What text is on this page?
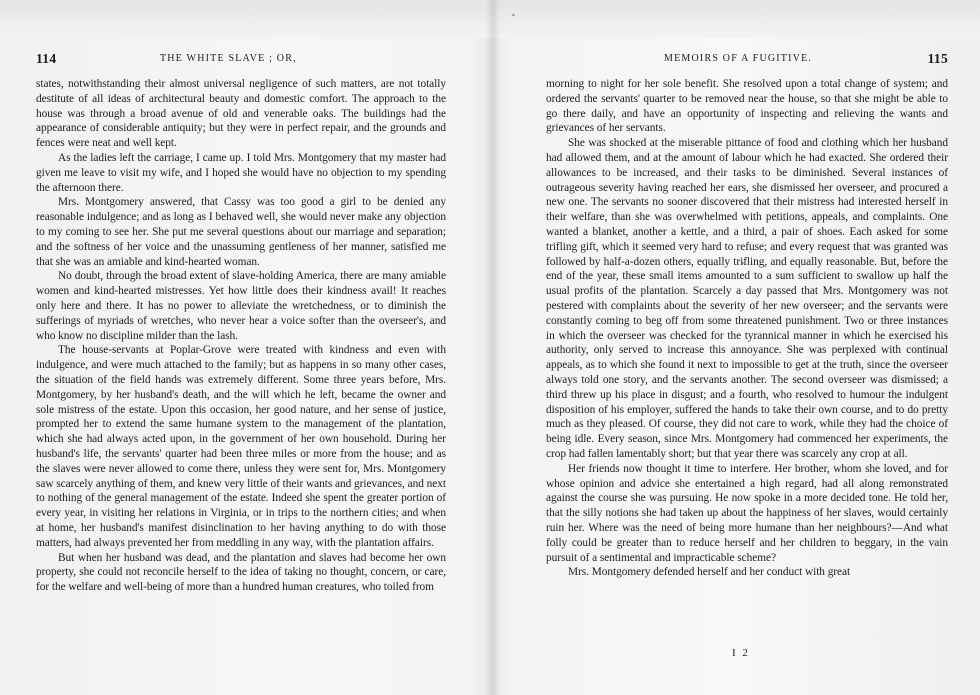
114	THE WHITE SLAVE ; OR,

states, notwithstanding their almost universal negligence of such matters, are not totally destitute of all ideas of architectural beauty and domestic comfort. The approach to the house was through a broad avenue of old and venerable oaks. The buildings had the appearance of considerable antiquity; but they were in perfect repair, and the grounds and fences were neat and well kept.

As the ladies left the carriage, I came up. I told Mrs. Montgomery that my master had given me leave to visit my wife, and I hoped she would have no objection to my spending the afternoon there.

Mrs. Montgomery answered, that Cassy was too good a girl to be denied any reasonable indulgence; and as long as I behaved well, she would never make any objection to my coming to see her. She put me several questions about our marriage and separation; and the softness of her voice and the unassuming gentleness of her manner, satisfied me that she was an amiable and kind-hearted woman.

No doubt, through the broad extent of slave-holding America, there are many amiable women and kind-hearted mistresses. Yet how little does their kindness avail! It reaches only here and there. It has no power to alleviate the wretchedness, or to diminish the sufferings of myriads of wretches, who never hear a voice softer than the overseer's, and who know no discipline milder than the lash.

The house-servants at Poplar-Grove were treated with kindness and even with indulgence, and were much attached to the family; but as happens in so many other cases, the situation of the field hands was extremely different. Some three years before, Mrs. Montgomery, by her husband's death, and the will which he left, became the owner and sole mistress of the estate. Upon this occasion, her good nature, and her sense of justice, prompted her to extend the same humane system to the management of the plantation, which she had always acted upon, in the government of her own household. During her husband's life, the servants' quarter had been three miles or more from the house; and as the slaves were never allowed to come there, unless they were sent for, Mrs. Montgomery saw scarcely anything of them, and knew very little of their wants and grievances, and next to nothing of the general management of the estate. Indeed she spent the greater portion of every year, in visiting her relations in Virginia, or in trips to the northern cities; and when at home, her husband's manifest disinclination to her having anything to do with those matters, had always prevented her from meddling in any way, with the plantation affairs.

But when her husband was dead, and the plantation and slaves had become her own property, she could not reconcile herself to the idea of taking no thought, concern, or care, for the welfare and well-being of more than a hundred human creatures, who toiled from

MEMOIRS OF A FUGITIVE.	115

morning to night for her sole benefit. She resolved upon a total change of system; and ordered the servants' quarter to be removed near the house, so that she might be able to go there daily, and have an opportunity of inspecting and relieving the wants and grievances of her servants.

She was shocked at the miserable pittance of food and clothing which her husband had allowed them, and at the amount of labour which he had exacted. She ordered their allowances to be increased, and their tasks to be diminished. Several instances of outrageous severity having reached her ears, she dismissed her overseer, and procured a new one. The servants no sooner discovered that their mistress had interested herself in their welfare, than she was overwhelmed with petitions, appeals, and complaints. One wanted a blanket, another a kettle, and a third, a pair of shoes. Each asked for some trifling gift, which it seemed very hard to refuse; and every request that was granted was followed by half-a-dozen others, equally trifling, and equally reasonable. But, before the end of the year, these small items amounted to a sum sufficient to swallow up half the usual profits of the plantation. Scarcely a day passed that Mrs. Montgomery was not pestered with complaints about the severity of her new overseer; and the servants were constantly coming to beg off from some threatened punishment. Two or three instances in which the overseer was checked for the tyrannical manner in which he exercised his authority, only served to increase this annoyance. She was perplexed with continual appeals, as to which she found it next to impossible to get at the truth, since the overseer always told one story, and the servants another. The second overseer was dismissed; a third threw up his place in disgust; and a fourth, who resolved to humour the indulgent disposition of his employer, suffered the hands to take their own course, and to do pretty much as they pleased. Of course, they did not care to work, while they had the choice of being idle. Every season, since Mrs. Montgomery had commenced her experiments, the crop had fallen lamentably short; but that year there was scarcely any crop at all.

Her friends now thought it time to interfere. Her brother, whom she loved, and for whose opinion and advice she entertained a high regard, had all along remonstrated against the course she was pursuing. He now spoke in a more decided tone. He told her, that the silly notions she had taken up about the happiness of her slaves, would certainly ruin her. Where was the need of being more humane than her neighbours?—And what folly could be greater than to reduce herself and her children to beggary, in the vain pursuit of a sentimental and impracticable scheme?

Mrs. Montgomery defended herself and her conduct with great

I 2
